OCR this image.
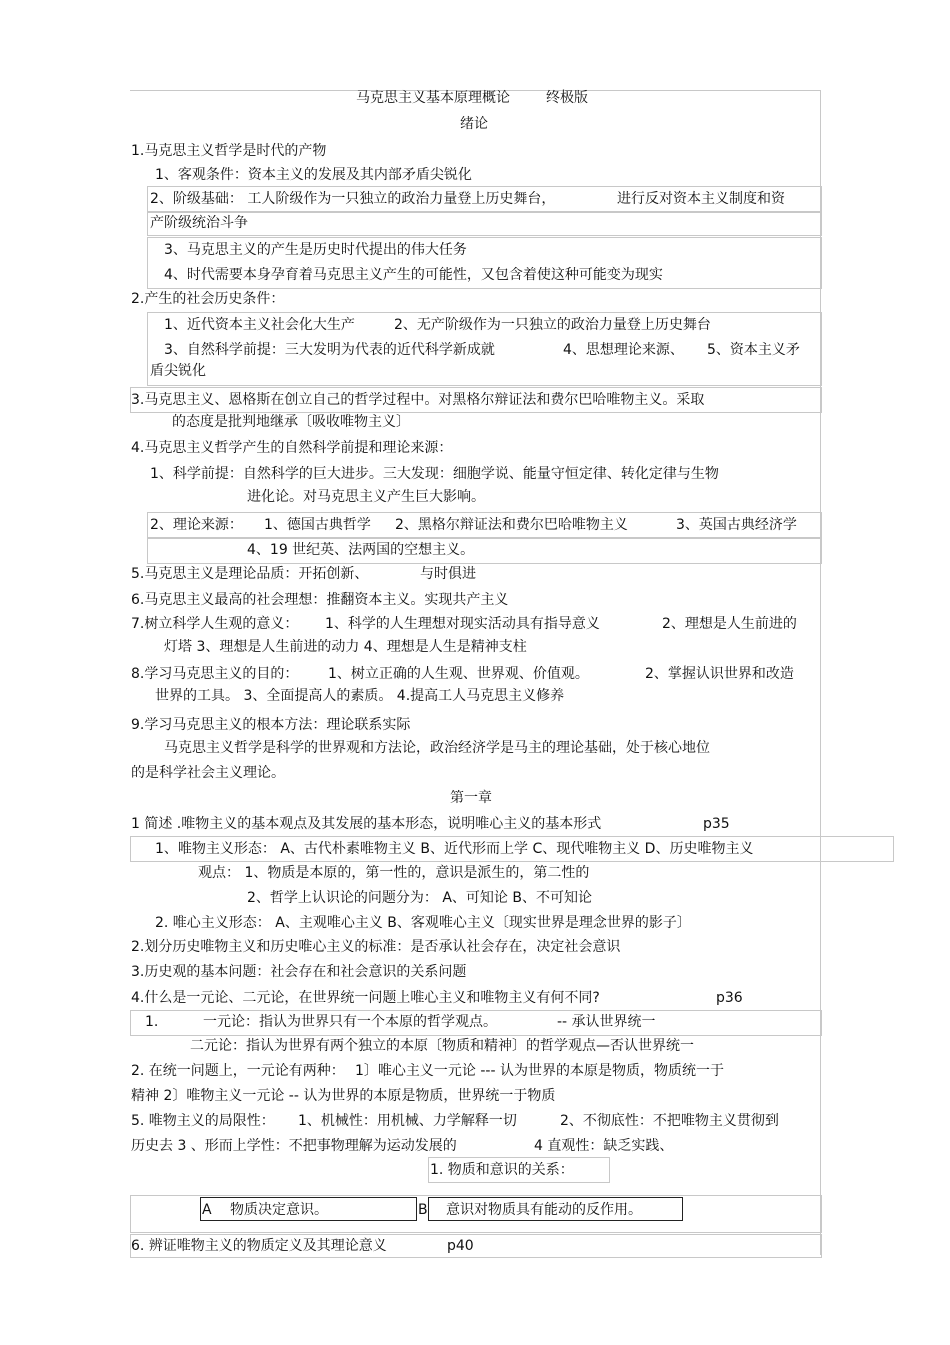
马克思主义基本原理概论	终极版
绪论
1.马克思主义哲学是时代的产物
1、客观条件：资本主义的发展及其内部矛盾尖锐化
2、阶级基础： 工人阶级作为一只独立的政治力量登上历史舞台，	进行反对资本主义制度和资
产阶级统治斗争
3、马克思主义的产生是历史时代提出的伟大任务
4、时代需要本身孕育着马克思主义产生的可能性，又包含着使这种可能变为现实
2.产生的社会历史条件：
1、近代资本主义社会化大生产	2、无产阶级作为一只独立的政治力量登上历史舞台
3、自然科学前提：三大发明为代表的近代科学新成就	4、思想理论来源、 5、资本主义矛
盾尖锐化
3.马克思主义、恩格斯在创立自己的哲学过程中。对黑格尔辩证法和费尔巴哈唯物主义。采取
的态度是批判地继承〔吸收唯物主义〕
4.马克思主义哲学产生的自然科学前提和理论来源：
1、科学前提：自然科学的巨大进步。三大发现：细胞学说、能量守恒定律、转化定律与生物
进化论。对马克思主义产生巨大影响。
2、理论来源： 1、德国古典哲学 2、黑格尔辩证法和费尔巴哈唯物主义	3、英国古典经济学
4、19 世纪英、法两国的空想主义。
5.马克思主义是理论品质：开拓创新、	与时俱进
6.马克思主义最高的社会理想：推翻资本主义。实现共产主义
7.树立科学人生观的意义： 1、科学的人生理想对现实活动具有指导意义	2、理想是人生前进的
灯塔 3、理想是人生前进的动力 4、理想是人生是精神支柱
8.学习马克思主义的目的： 1、树立正确的人生观、世界观、价值观。	2、掌握认识世界和改造
世界的工具。 3、全面提高人的素质。 4.提高工人马克思主义修养
9.学习马克思主义的根本方法：理论联系实际
马克思主义哲学是科学的世界观和方法论，政治经济学是马主的理论基础，处于核心地位
的是科学社会主义理论。
第一章
1 简述 .唯物主义的基本观点及其发展的基本形态，说明唯心主义的基本形式	p35
1、唯物主义形态： A、古代朴素唯物主义 B、近代形而上学 C、现代唯物主义 D、历史唯物主义
观点： 1、物质是本原的，第一性的，意识是派生的，第二性的
2、哲学上认识论的问题分为： A、可知论 B、不可知论
2. 唯心主义形态： A、主观唯心主义 B、客观唯心主义〔现实世界是理念世界的影子〕
2.划分历史唯物主义和历史唯心主义的标准：是否承认社会存在，决定社会意识
3.历史观的基本问题：社会存在和社会意识的关系问题
4.什么是一元论、二元论，在世界统一问题上唯心主义和唯物主义有何不同?	p36
1.	一元论：指认为世界只有一个本原的哲学观点。	-- 承认世界统一
二元论：指认为世界有两个独立的本原〔物质和精神〕的哲学观点—否认世界统一
2. 在统一问题上，一元论有两种： 1〕唯心主义一元论 --- 认为世界的本原是物质，物质统一于
精神 2〕唯物主义一元论 -- 认为世界的本原是物质，世界统一于物质
5. 唯物主义的局限性： 1、机械性：用机械、力学解释一切	2、不彻底性：不把唯物主义贯彻到
历史去 3 、形而上学性：不把事物理解为运动发展的	4 直观性：缺乏实践、
1. 物质和意识的关系：
A 物质决定意识。	B 意识对物质具有能动的反作用。
6. 辨证唯物主义的物质定义及其理论意义	p40
